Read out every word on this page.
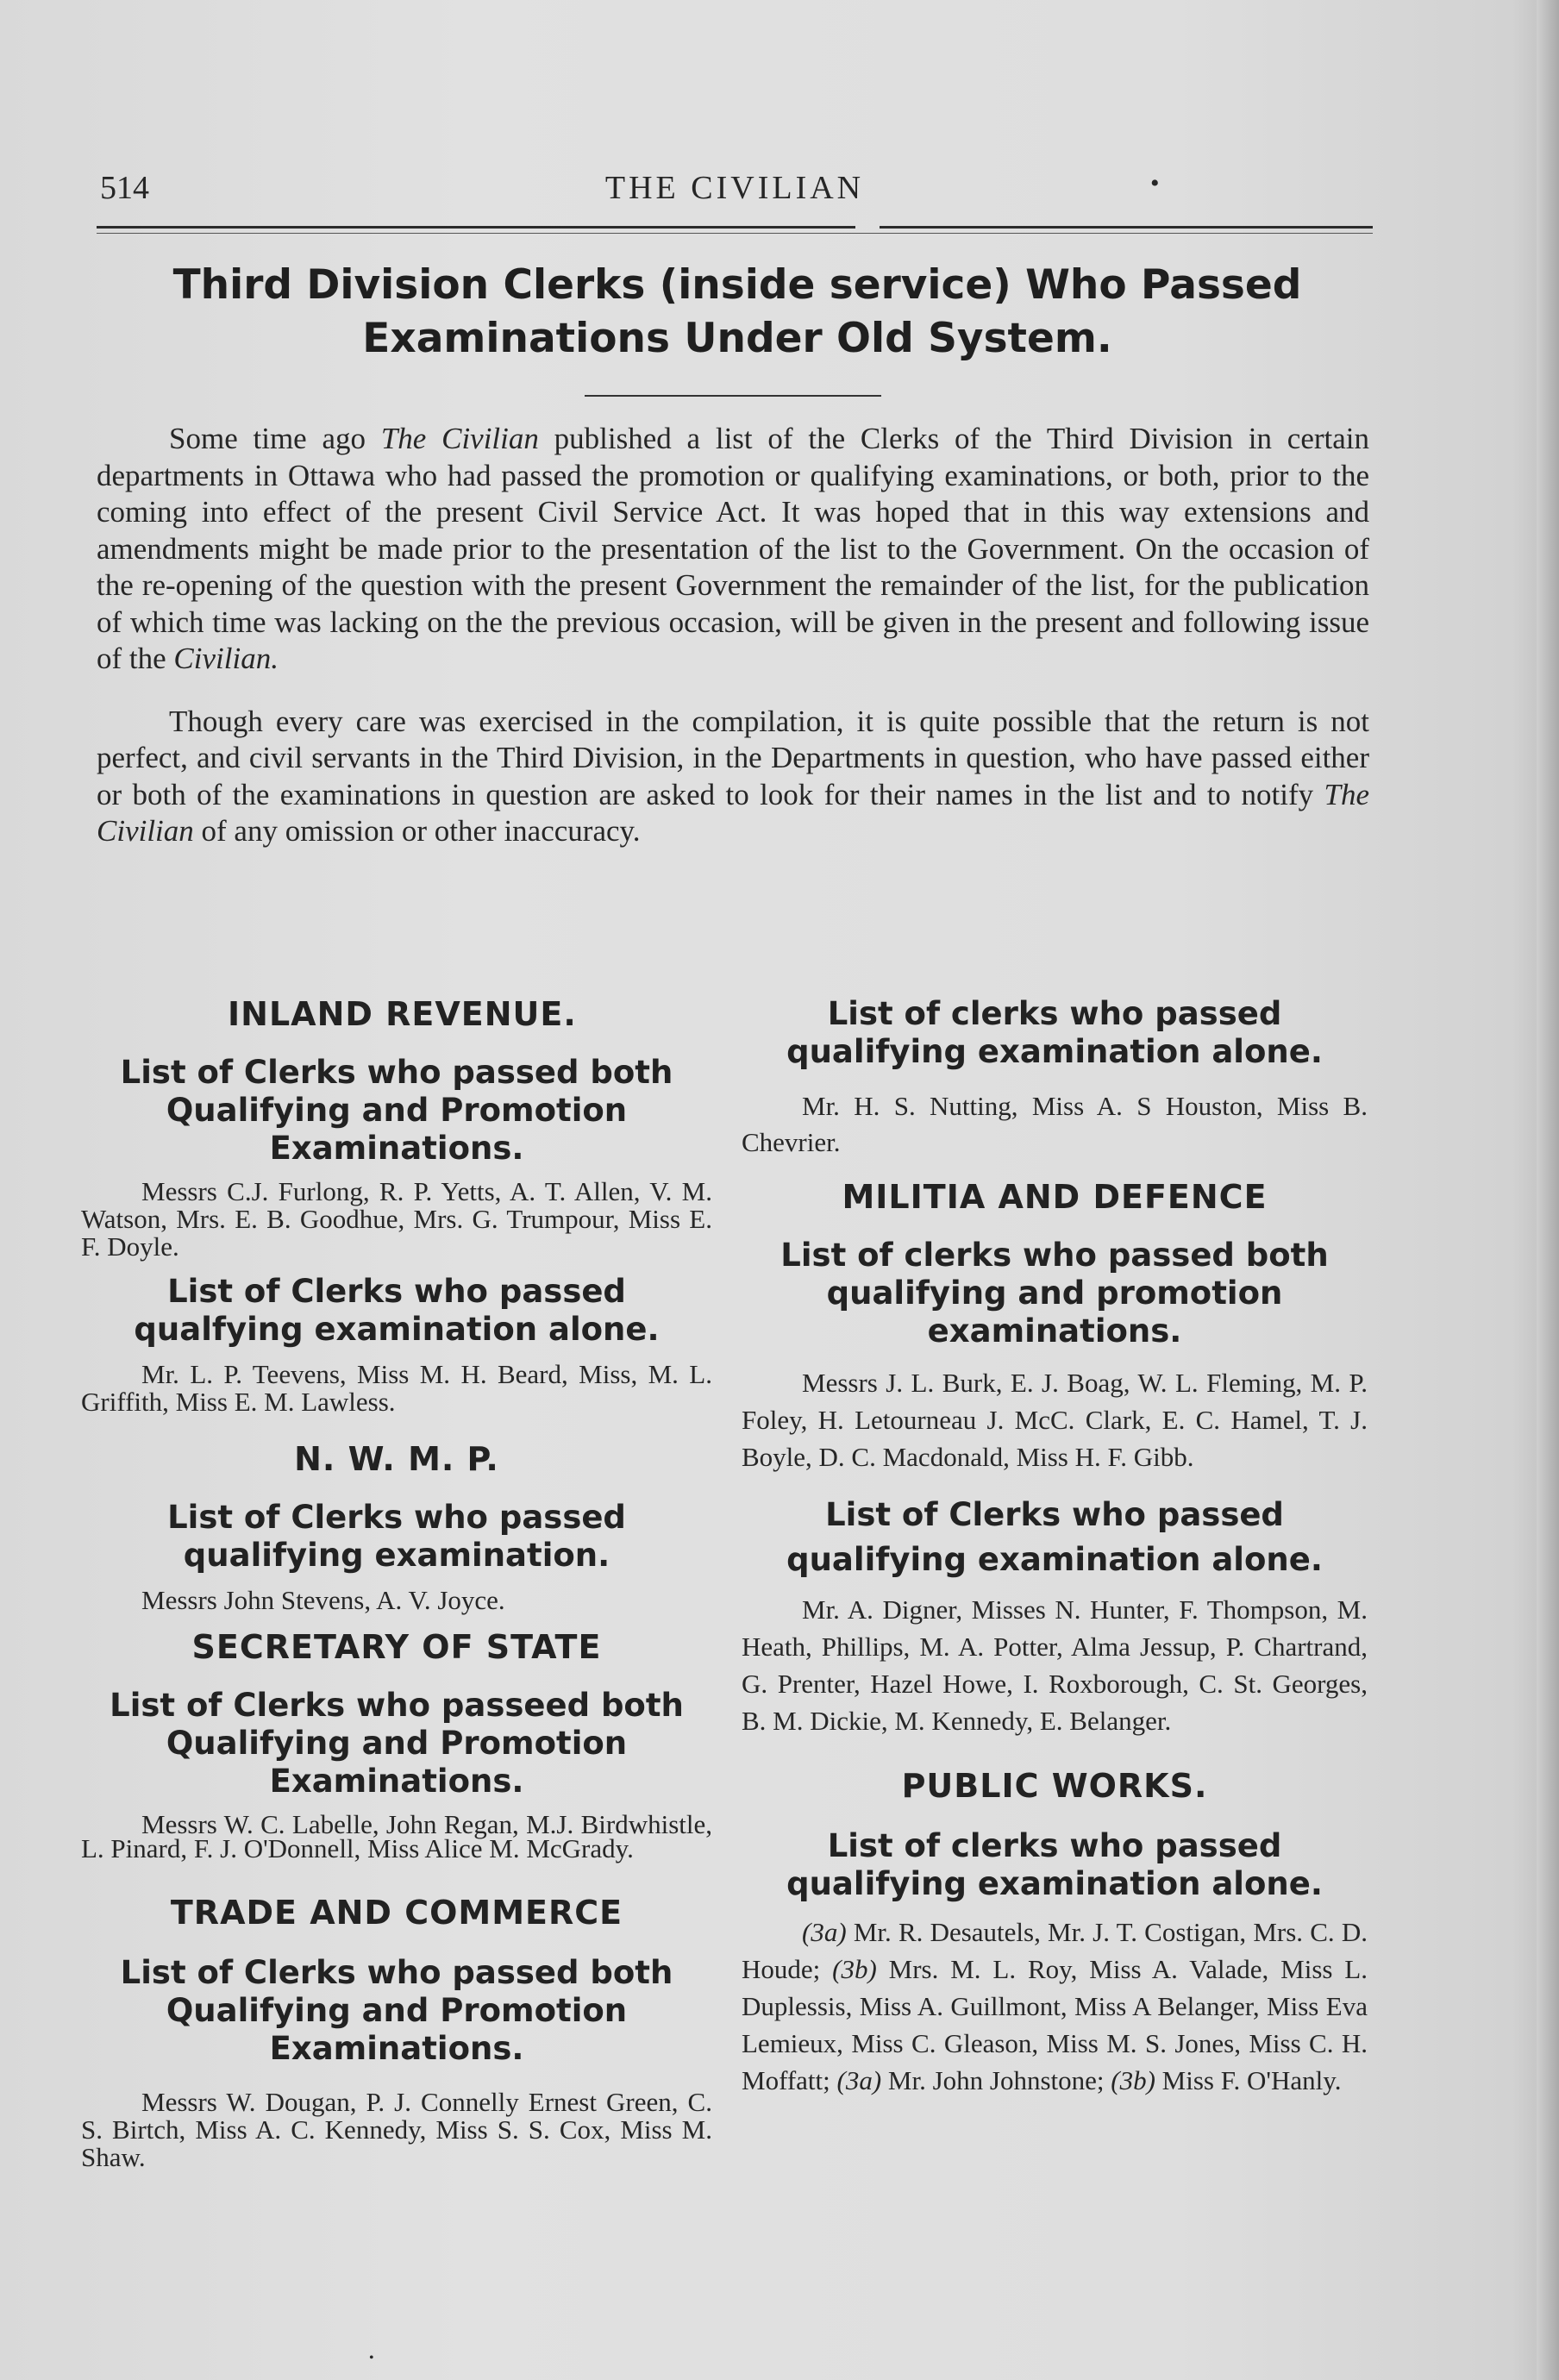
514	THE CIVILIAN	•
Third Division Clerks (inside service) Who Passed
Examinations Under Old System.

Some time ago The Civilian published a list of the Clerks of the Third Division in certain departments in Ottawa who had passed the promotion or qualifying examinations, or both, prior to the coming into effect of the present Civil Service Act. It was hoped that in this way extensions and amendments might be made prior to the presentation of the list to the Government. On the occasion of the re-opening of the question with the present Government the remainder of the list, for the publication of which time was lacking on the the previous occasion, will be given in the present and following issue of the Civilian.

Though every care was exercised in the compilation, it is quite possible that the return is not perfect, and civil servants in the Third Division, in the Departments in question, who have passed either or both of the examinations in question are asked to look for their names in the list and to notify The Civilian of any omission or other inaccuracy.

INLAND REVENUE.
List of Clerks who passed both Qualifying and Promotion Examinations.
Messrs C.J. Furlong, R. P. Yetts, A. T. Allen, V. M. Watson, Mrs. E. B. Goodhue, Mrs. G. Trumpour, Miss E. F. Doyle.
List of Clerks who passed qualfying examination alone.
Mr. L. P. Teevens, Miss M. H. Beard, Miss, M. L. Griffith, Miss E. M. Lawless.
N. W. M. P.
List of Clerks who passed qualifying examination.
Messrs John Stevens, A. V. Joyce.
SECRETARY OF STATE
List of Clerks who passeed both Qualifying and Promotion Examinations.
Messrs W. C. Labelle, John Regan, M.J. Birdwhistle, L. Pinard, F. J. O'Donnell, Miss Alice M. McGrady.
TRADE AND COMMERCE
List of Clerks who passed both Qualifying and Promotion Examinations.
Messrs W. Dougan, P. J. Connelly Ernest Green, C. S. Birtch, Miss A. C. Kennedy, Miss S. S. Cox, Miss M. Shaw.
List of clerks who passed qualifying examination alone.
Mr. H. S. Nutting, Miss A. S Houston, Miss B. Chevrier.
MILITIA AND DEFENCE
List of clerks who passed both qualifying and promotion examinations.
Messrs J. L. Burk, E. J. Boag, W. L. Fleming, M. P. Foley, H. Letourneau J. McC. Clark, E. C. Hamel, T. J. Boyle, D. C. Macdonald, Miss H. F. Gibb.
List of Clerks who passed qualifying examination alone.
Mr. A. Digner, Misses N. Hunter, F. Thompson, M. Heath, Phillips, M. A. Potter, Alma Jessup, P. Chartrand, G. Prenter, Hazel Howe, I. Roxborough, C. St. Georges, B. M. Dickie, M. Kennedy, E. Belanger.
PUBLIC WORKS.
List of clerks who passed qualifying examination alone.
(3a) Mr. R. Desautels, Mr. J. T. Costigan, Mrs. C. D. Houde; (3b) Mrs. M. L. Roy, Miss A. Valade, Miss L. Duplessis, Miss A. Guillmont, Miss A Belanger, Miss Eva Lemieux, Miss C. Gleason, Miss M. S. Jones, Miss C. H. Moffatt; (3a) Mr. John Johnstone; (3b) Miss F. O'Hanly.
•
